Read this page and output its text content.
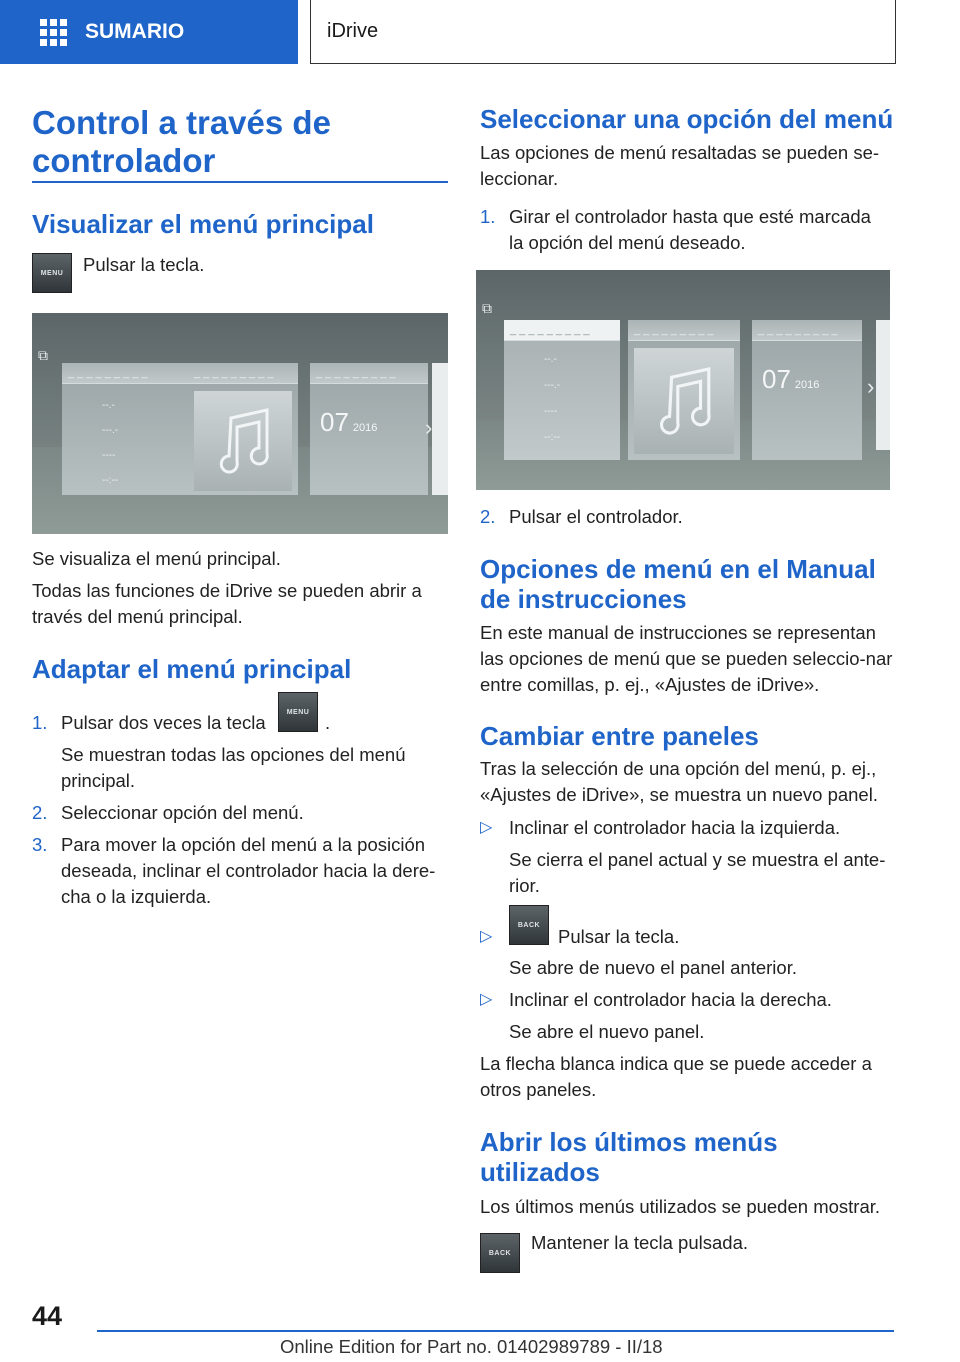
SUMARIO	iDrive
Control a través de controlador
Visualizar el menú principal
MENU	Pulsar la tecla.

⧉
_ _ _ _ _ _ _ _ _
--.-
---.-
----
--:--
_ _ _ _ _ _ _ _ _	_ _ _ _ _ _ _ _ _
07 2016 ›

Se visualiza el menú principal.

Todas las funciones de iDrive se pueden abrir a través del menú principal.

Adaptar el menú principal
1. Pulsar dos veces la tecla	MENU .

Se muestran todas las opciones del menú principal.

2. Seleccionar opción del menú.

3. Para mover la opción del menú a la posición deseada, inclinar el controlador hacia la dere-cha o la izquierda.

Seleccionar una opción del menú

Las opciones de menú resaltadas se pueden se-leccionar.

1. Girar el controlador hasta que esté marcada la opción del menú deseado.

⧉
_ _ _ _ _ _ _ _ _
--.-
---.-
----
--:--
_ _ _ _ _ _ _ _ _	_ _ _ _ _ _ _ _ _
07 2016 ›
2. Pulsar el controlador.

Opciones de menú en el Manual de instrucciones

En este manual de instrucciones se representan las opciones de menú que se pueden seleccio-nar entre comillas, p. ej., «Ajustes de iDrive».

Cambiar entre paneles

Tras la selección de una opción del menú, p. ej., «Ajustes de iDrive», se muestra un nuevo panel.

▷ Inclinar el controlador hacia la izquierda.

Se cierra el panel actual y se muestra el ante-rior.

▷
BACK

Pulsar la tecla.

Se abre de nuevo el panel anterior.

▷ Inclinar el controlador hacia la derecha.

Se abre el nuevo panel.

La flecha blanca indica que se puede acceder a otros paneles.

Abrir los últimos menús utilizados

Los últimos menús utilizados se pueden mostrar.

BACK	Mantener la tecla pulsada.

44
Online Edition for Part no. 01402989789 - II/18
